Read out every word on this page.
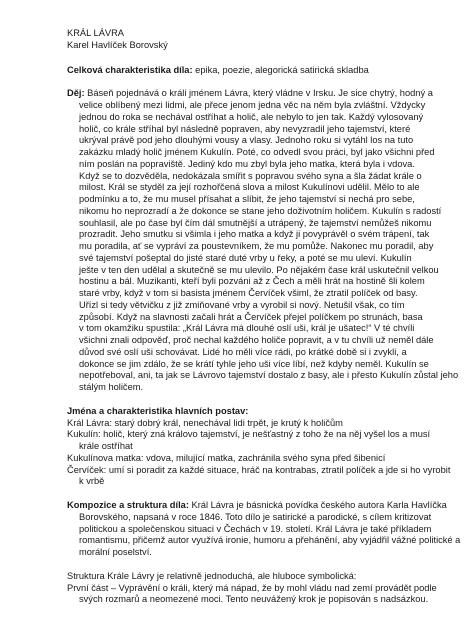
KRÁL LÁVRA
Karel Havlíček Borovský
Celková charakteristika díla: epika, poezie, alegorická satirická skladba
Děj: Báseň pojednává o králi jménem Lávra, který vládne v Irsku. Je sice chytrý, hodný a
velice oblíbený mezi lidmi, ale přece jenom jedna věc na něm byla zvláštní. Vždycky
jednou do roka se nechával ostříhat a holič, ale nebylo to jen tak. Každý vylosovaný
holič, co krále stříhal byl následně popraven, aby nevyzradil jeho tajemství, které
ukrýval právě pod jeho dlouhými vousy a vlasy. Jednoho roku si vytáhl los na tuto
zakázku mladý holič jménem Kukulín. Poté, co odvedl svou práci, byl jako všichni před
ním poslán na popraviště. Jediný kdo mu zbyl byla jeho matka, která byla i vdova.
Když se to dozvěděla, nedokázala smířit s popravou svého syna a šla žádat krále o
milost. Král se styděl za její rozhořčená slova a milost Kukulínovi udělil. Mělo to ale
podmínku a to, že mu musel přísahat a slíbit, že jeho tajemství si nechá pro sebe,
nikomu ho neprozradí a že dokonce se stane jeho doživotním holičem. Kukulín s radostí
souhlasil, ale po čase byl čím dál smutnější a utrápený, že tajemství nemůžeš nikomu
prozradit. Jeho smutku si všimla i jeho matka a když ji povyprávěl o svém trápení, tak
mu poradila, ať se vypráví za poustevníkem, že mu pomůže. Nakonec mu poradil, aby
své tajemství pošeptal do jisté staré duté vrby u řeky, a poté se mu uleví. Kukulín
ješte v ten den udělal a skutečně se mu ulevilo. Po nějakém čase král uskutečnil velkou
hostinu a bál. Muzikanti, kteří byli pozváni až z Čech a měli hrát na hostině šli kolem
staré vrby, když v tom si basista jménem Červíček všiml, že ztratil políček od basy.
Uřízl si tedy větvičku z již zmiňované vrby a vyrobil si nový. Netušil však, co tím
způsobí. Když na slavnosti začali hrát a Červíček přejel políčkem po strunách, basa
v tom okamžiku spustila: „Král Lávra má dlouhé oslí uši, král je ušatec!“ V té chvíli
všichni znali odpověď, proč nechal každého holiče popravit, a v tu chvíli už neměl dále
důvod své oslí uši schovávat. Lidé ho měli více rádi, po krátké době si i zvykli, a
dokonce se jim zdálo, že se krátí tyhle jeho uši více líbí, než kdyby neměl. Kukulín se
nepotřeboval, ani, ta jak se Lávrovo tajemství dostalo z basy, ale i přesto Kukulín zůstal jeho
stálým holičem.
Jména a charakteristika hlavních postav:
Král Lávra: starý dobrý král, nenechával lidi trpět, je krutý k holičům
Kukulín: holič, který zná královo tajemství, je nešťastný z toho že na něj vyšel los a musí
krále ostříhat
Kukulínova matka: vdova, milující matka, zachránila svého syna před šibenicí
Červíček: umí si poradit za každé situace, hráč na kontrabas, ztratil políček a jde si ho vyrobit
k vrbě
Kompozice a struktura díla: Král Lávra je básnická povídka českého autora Karla Havlíčka
Borovského, napsaná v roce 1846. Toto dílo je satirické a parodické, s cílem kritizovat
politickou a společenskou situaci v Čechách v 19. století. Král Lávra je také příkladem
romantismu, přičemž autor využívá ironie, humoru a přehánění, aby vyjádřil vážné politické a
morální poselství.
Struktura Krále Lávry je relativně jednoduchá, ale hluboce symbolická:
První část – Vyprávění o králi, který má nápad, že by mohl vládu nad zemí provádět podle
svých rozmarů a neomezené moci. Tento neuvážený krok je popisován s nadsázkou.
